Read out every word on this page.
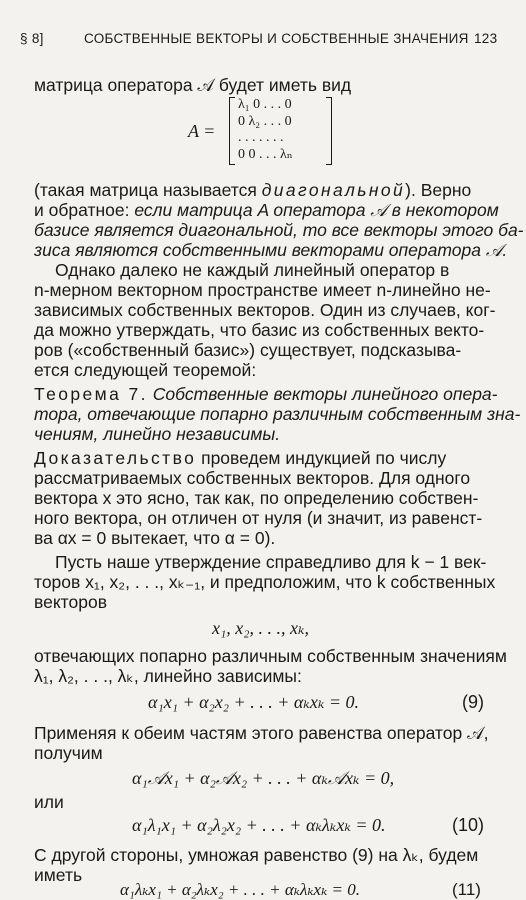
§ 8]	СОБСТВЕННЫЕ ВЕКТОРЫ И СОБСТВЕННЫЕ ЗНАЧЕНИЯ 123
матрица оператора 𝒜 будет иметь вид
A =
λ₁ 0 . . . 0
0 λ₂ . . . 0
. . . . . . .
0 0 . . . λₙ
(такая матрица называется диагональной). Верно
и обратное: если матрица A оператора 𝒜 в некотором
базисе является диагональной, то все векторы этого ба-
зиса являются собственными векторами оператора 𝒜.
Однако далеко не каждый линейный оператор в
n-мерном векторном пространстве имеет n-линейно не-
зависимых собственных векторов. Один из случаев, ког-
да можно утверждать, что базис из собственных векто-
ров («собственный базис») существует, подсказыва-
ется следующей теоремой:
Теорема 7. Собственные векторы линейного опера-
тора, отвечающие попарно различным собственным зна-
чениям, линейно независимы.
Доказательство проведем индукцией по числу
рассматриваемых собственных векторов. Для одного
вектора x это ясно, так как, по определению собствен-
ного вектора, он отличен от нуля (и значит, из равенст-
ва αx = 0 вытекает, что α = 0).
Пусть наше утверждение справедливо для k − 1 век-
торов x₁, x₂, . . ., xₖ₋₁, и предположим, что k собственных
векторов
x₁, x₂, . . ., xₖ,
отвечающих попарно различным собственным значениям
λ₁, λ₂, . . ., λₖ, линейно зависимы:
α₁x₁ + α₂x₂ + . . . + αₖxₖ = 0.	(9)
Применяя к обеим частям этого равенства оператор 𝒜,
получим
α₁𝒜x₁ + α₂𝒜x₂ + . . . + αₖ𝒜xₖ = 0,
или
α₁λ₁x₁ + α₂λ₂x₂ + . . . + αₖλₖxₖ = 0.	(10)
С другой стороны, умножая равенство (9) на λₖ, будем
иметь
α₁λₖx₁ + α₂λₖx₂ + . . . + αₖλₖxₖ = 0.	(11)
